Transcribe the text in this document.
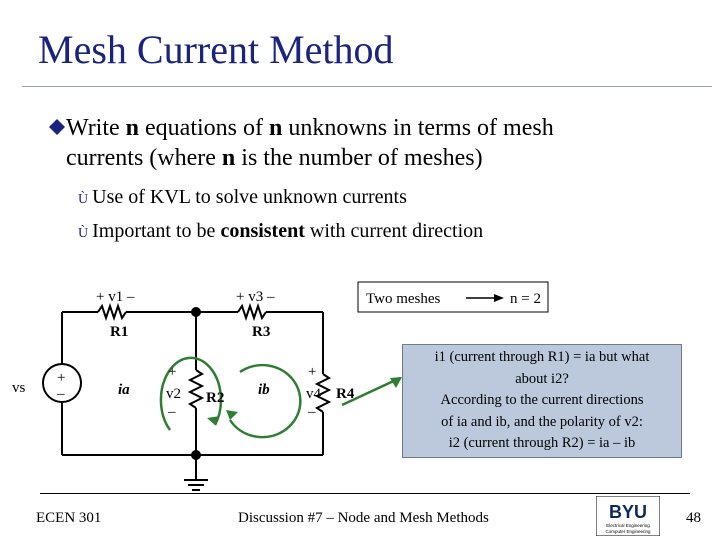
Mesh Current Method
Write n equations of n unknowns in terms of mesh
currents (where n is the number of meshes)
Ù Use of KVL to solve unknown currents
Ù Important to be consistent with current direction
+ v1 –	+ v3 –
R1	R3
R2	R4
vs
+
–	ia	ib
+
v2
–
+
v4
–
Two meshes	n = 2
i1 (current through R1) = ia but what
about i2?
According to the current directions
of ia and ib, and the polarity of v2:
i2 (current through R2) = ia – ib
ECEN 301	Discussion #7 – Node and Mesh Methods	BYU
Electrical Engineering
Computer Engineering
48
